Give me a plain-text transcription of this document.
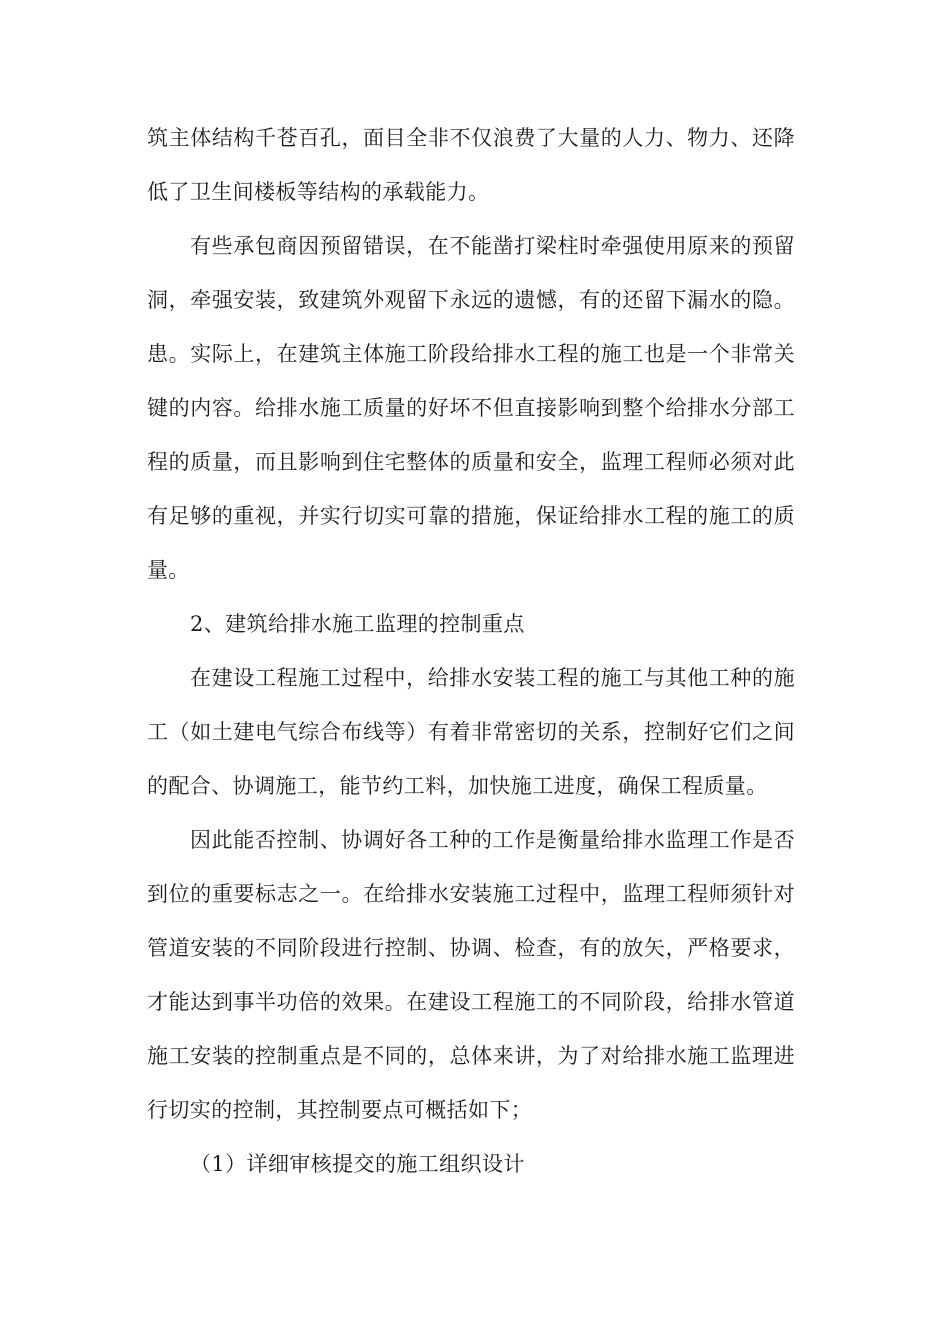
筑主体结构千苍百孔，面目全非不仅浪费了大量的人力、物力、还降低了卫生间楼板等结构的承载能力。

有些承包商因预留错误，在不能凿打梁柱时牵强使用原来的预留洞，牵强安装，致建筑外观留下永远的遗憾，有的还留下漏水的隐。患。实际上，在建筑主体施工阶段给排水工程的施工也是一个非常关键的内容。给排水施工质量的好坏不但直接影响到整个给排水分部工程的质量，而且影响到住宅整体的质量和安全，监理工程师必须对此有足够的重视，并实行切实可靠的措施，保证给排水工程的施工的质量。

2、建筑给排水施工监理的控制重点

在建设工程施工过程中，给排水安装工程的施工与其他工种的施工（如土建电气综合布线等）有着非常密切的关系，控制好它们之间的配合、协调施工，能节约工料，加快施工进度，确保工程质量。

因此能否控制、协调好各工种的工作是衡量给排水监理工作是否到位的重要标志之一。在给排水安装施工过程中，监理工程师须针对管道安装的不同阶段进行控制、协调、检查，有的放矢，严格要求，才能达到事半功倍的效果。在建设工程施工的不同阶段，给排水管道施工安装的控制重点是不同的，总体来讲，为了对给排水施工监理进行切实的控制，其控制要点可概括如下；

（1）详细审核提交的施工组织设计
